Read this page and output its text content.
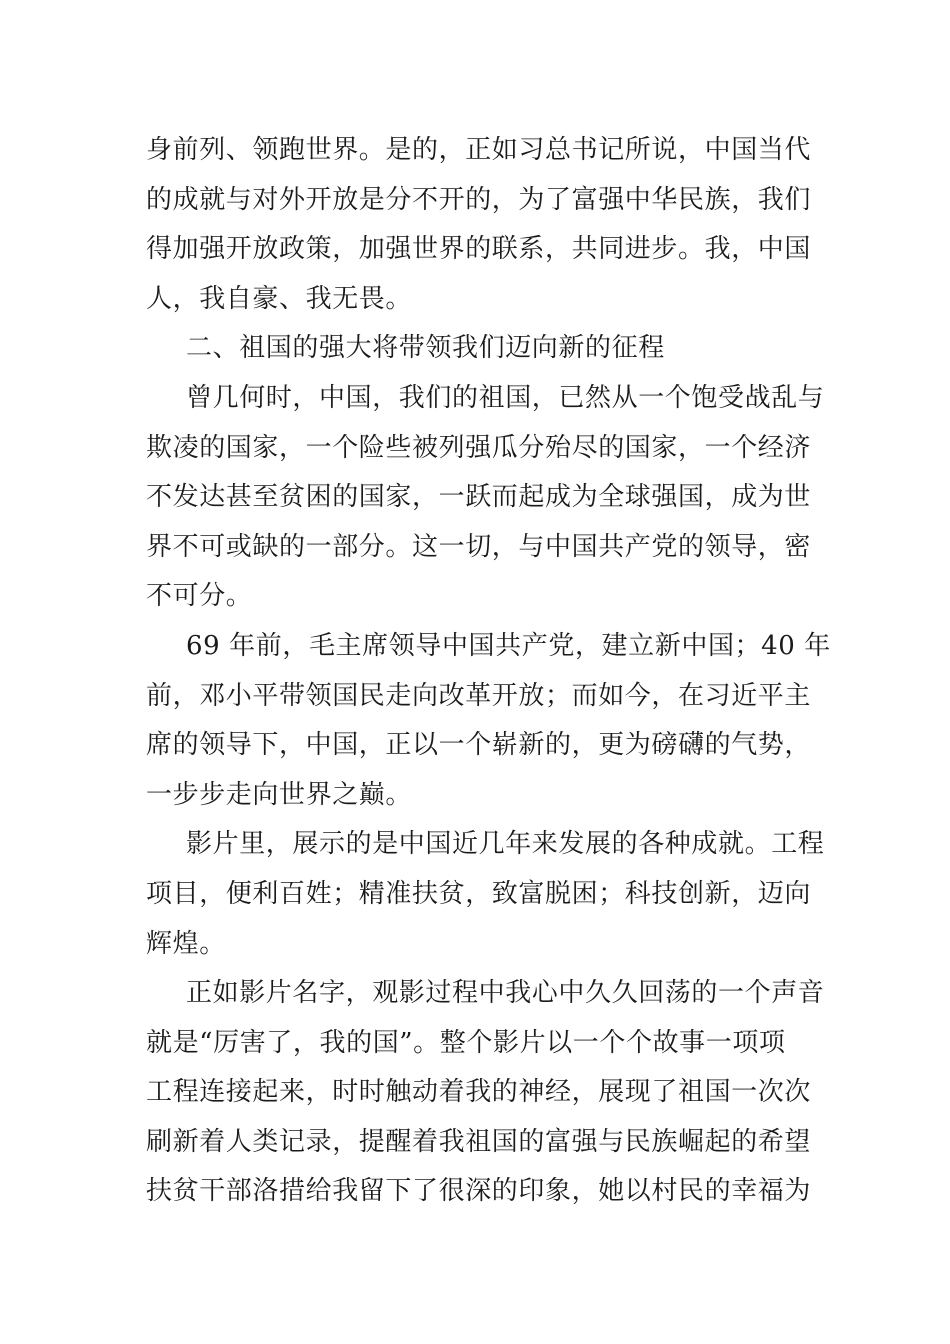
身前列、领跑世界。是的，正如习总书记所说，中国当代
的成就与对外开放是分不开的，为了富强中华民族，我们
得加强开放政策，加强世界的联系，共同进步。我，中国
人，我自豪、我无畏。

二、祖国的强大将带领我们迈向新的征程

曾几何时，中国，我们的祖国，已然从一个饱受战乱与
欺凌的国家，一个险些被列强瓜分殆尽的国家，一个经济
不发达甚至贫困的国家，一跃而起成为全球强国，成为世
界不可或缺的一部分。这一切，与中国共产党的领导，密
不可分。

69 年前，毛主席领导中国共产党，建立新中国；40 年
前，邓小平带领国民走向改革开放；而如今，在习近平主
席的领导下，中国，正以一个崭新的，更为磅礴的气势，
一步步走向世界之巅。

影片里，展示的是中国近几年来发展的各种成就。工程
项目，便利百姓；精准扶贫，致富脱困；科技创新，迈向
辉煌。

正如影片名字，观影过程中我心中久久回荡的一个声音
就是“厉害了，我的国”。整个影片以一个个故事一项项
工程连接起来，时时触动着我的神经，展现了祖国一次次
刷新着人类记录，提醒着我祖国的富强与民族崛起的希望
扶贫干部洛措给我留下了很深的印象，她以村民的幸福为
